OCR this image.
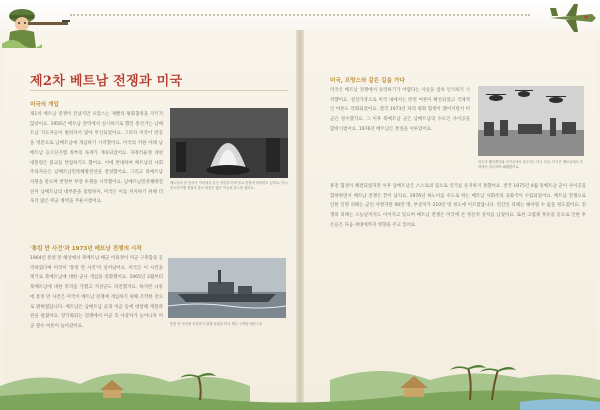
제2차 베트남 전쟁과 미국
미국의 개입
제1차 베트남 전쟁이 끝났지만 프랑스는 재빨리 평화협정을 지키지 않았어요. 1956년 베트남 전역에서 실시하기로 했던 총선거는 남베트남 지도자들이 벌려자서 답아 무산되었어요. 그러자 미국이 반공을 명분으로 남베트남에 개입하기 시작했어요. 미국의 지원 아래 남베트남 응오딘지엠 정부의 독재가 계속되었어요. 자정러운정 개헌 대통령은 불교를 탄압하기도 했어요. 이에 반대하여 베트남의 사회주의자들은 남베트남민족해방전선을 결성했어요. 그리고 북베트남 지원을 받으며 반정부 무장 투쟁을 시작했어요. 남베트남민족해방전선이 남베트남의 대부분을 점령하자, 미국은 이를 저지하기 위해 더욱더 많은 미군 병력을 주둔시켰어요.
베트남의 한 승려가 거리에서 분신 자살을 하며 불교 탄압에 항의하고 있어요. 당시 응오딘지엠 정권의 종교 탄압은 많은 이들의 분노를 샀어요.
'통킹 만 사건'과 1973년 베트남 전쟁의 시작
1964년 통킹 만 해상에서 북베트남 해군 어뢰정이 미군 구축함을 공격하였다며 미국이 '통킹 만 사건'이 일어났어요. 미국은 이 사건을 계기로 북베트남에 대한 군사 개입을 강화했어요. 1965년 2월부터 북베트남에 대한 폭격을 가했고 지상군도 파견했지요. 하지만 나중에 통킹 만 사건은 미국이 베트남 전쟁에 개입하기 위해 조작한 것으로 밝혀졌답니다. 베트남은 남베트남 군과 미군 등에 대항해 게릴라전을 펼쳤어요. 장기화되는 전쟁에서 미군 측 사상자가 늘어나자 미군 철수 여론이 높아갔어요.	통킹 만 사건을 조작하기 위해 동원된 미국 해군 구축함 매독스호
미국, 프랑스와 같은 길을 가다
미국은 베트남 전쟁에서 승리하기가 어렵다는 사실을 점차 인식하기 시작했어요. 설상가상으로 미국 내에서는 반전 여론이 확산되었고 국제적인 여론도 악화되었어요. 결국 1973년 파리 평화 협정이 맺어지면서 미군은 철수했지요. 그 이후 북베트남 군은 남베트남의 수도인 사이공을 함락시켰어요. 1976년 베트남은 통일을 이루었어요.
미군의 헬리콥터와 사이공에서 철수하는 미군 모습. 미국은 베트남에서 전쟁에서 철수하며 패배했어요.
휴전 협정이 체결되었지만 이후 남베트남은 스스로의 힘으로 국가를 유지하지 못했어요. 결국 1975년 4월 북베트남 군이 사이공을 함락하면서 베트남 전쟁은 끝이 났지요. 1976년 하노이를 수도로 하는 베트남 사회주의 공화국이 수립되었어요. 베트남 전쟁으로 인한 인명 피해는 군인 사망자만 90만 명, 부상자가 210만 명 정도에 이르렀답니다. 민간인 피해는 헤아릴 수 없을 정도였어요. 전쟁의 피해는 오늘날까지도 이어지고 있으며 베트남 전쟁은 미국에 큰 정신적 상처를 남겼어요. 또한 고엽제 후유증 등으로 인한 후손들은 다음 세대에까지 영향을 주고 있어요.
